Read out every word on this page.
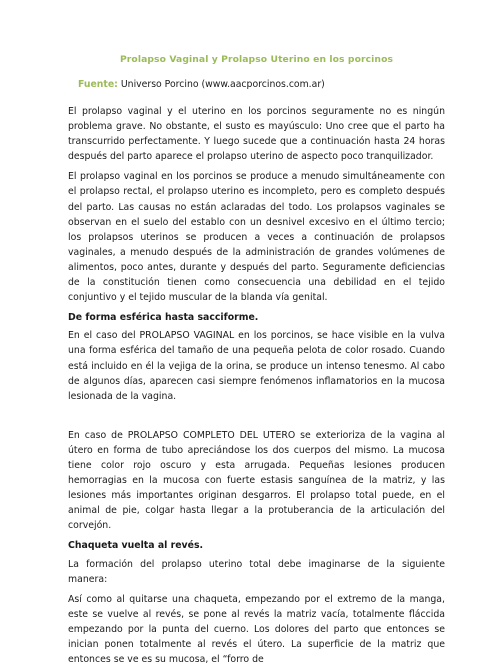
Prolapso Vaginal y Prolapso Uterino en los porcinos
Fuente: Universo Porcino (www.aacporcinos.com.ar)

El prolapso vaginal y el uterino en los porcinos seguramente no es ningún problema grave. No obstante, el susto es mayúsculo: Uno cree que el parto ha transcurrido perfectamente. Y luego sucede que a continuación hasta 24 horas después del parto aparece el prolapso uterino de aspecto poco tranquilizador.

El prolapso vaginal en los porcinos se produce a menudo simultáneamente con el prolapso rectal, el prolapso uterino es incompleto, pero es completo después del parto. Las causas no están aclaradas del todo. Los prolapsos vaginales se observan en el suelo del establo con un desnivel excesivo en el último tercio; los prolapsos uterinos se producen a veces a continuación de prolapsos vaginales, a menudo después de la administración de grandes volúmenes de alimentos, poco antes, durante y después del parto. Seguramente deficiencias de la constitución tienen como consecuencia una debilidad en el tejido conjuntivo y el tejido muscular de la blanda vía genital.

De forma esférica hasta sacciforme.

En el caso del PROLAPSO VAGINAL en los porcinos, se hace visible en la vulva una forma esférica del tamaño de una pequeña pelota de color rosado. Cuando está incluido en él la vejiga de la orina, se produce un intenso tenesmo. Al cabo de algunos días, aparecen casi siempre fenómenos inflamatorios en la mucosa lesionada de la vagina.

En caso de PROLAPSO COMPLETO DEL UTERO se exterioriza de la vagina al útero en forma de tubo apreciándose los dos cuerpos del mismo. La mucosa tiene color rojo oscuro y esta arrugada. Pequeñas lesiones producen hemorragias en la mucosa con fuerte estasis sanguínea de la matriz, y las lesiones más importantes originan desgarros. El prolapso total puede, en el animal de pie, colgar hasta llegar a la protuberancia de la articulación del corvejón.

Chaqueta vuelta al revés.

La formación del prolapso uterino total debe imaginarse de la siguiente manera:

Así como al quitarse una chaqueta, empezando por el extremo de la manga, este se vuelve al revés, se pone al revés la matriz vacía, totalmente fláccida empezando por la punta del cuerno. Los dolores del parto que entonces se inician ponen totalmente al revés el útero. La superficie de la matriz que entonces se ve es su mucosa, el “forro de
